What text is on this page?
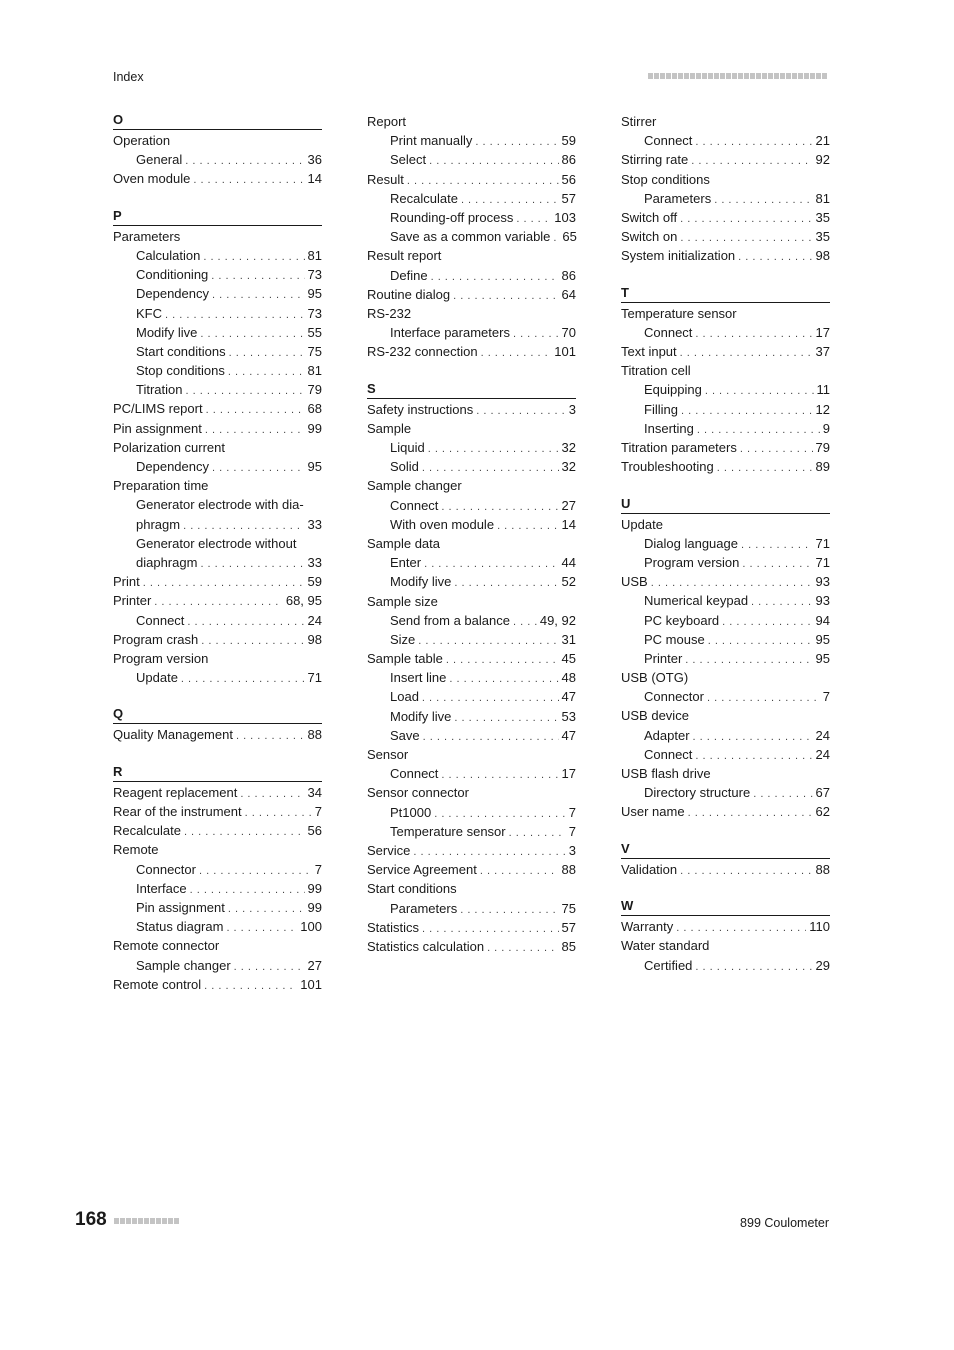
Index
O
Operation
General . . .	36
Oven module . . .	14
P
Parameters
Calculation . . .	81
Conditioning . . .	73
Dependency . . .	95
KFC . . .	73
Modify live . . .	55
Start conditions . . .	75
Stop conditions . . .	81
Titration . . .	79
PC/LIMS report . . .	68
Pin assignment . . .	99
Polarization current
Dependency . . .	95
Preparation time
Generator electrode with dia-
phragm . . .	33
Generator electrode without
diaphragm . . .	33
Print . . .	59
Printer . . .	68, 95
Connect . . .	24
Program crash . . .	98
Program version
Update . . .	71
Q
Quality Management . . .	88
R
Reagent replacement . . .	34
Rear of the instrument . . .	7
Recalculate . . .	56
Remote
Connector . . .	7
Interface . . .	99
Pin assignment . . .	99
Status diagram . . .	100
Remote connector
Sample changer . . .	27
Remote control . . .	101
Report
Print manually . . .	59
Select . . .	86
Result . . .	56
Recalculate . . .	57
Rounding-off process . . .	103
Save as a common variable . . . 65
Result report
Define . . .	86
Routine dialog . . .	64
RS-232
Interface parameters . . .	70
RS-232 connection . . .	101
S
Safety instructions . . .	3
Sample
Liquid . . .	32
Solid . . .	32
Sample changer
Connect . . .	27
With oven module . . .	14
Sample data
Enter . . .	44
Modify live . . .	52
Sample size
Send from a balance . . . 49, 92
Size . . .	31
Sample table . . .	45
Insert line . . .	48
Load . . .	47
Modify live . . .	53
Save . . .	47
Sensor
Connect . . .	17
Sensor connector
Pt1000 . . .	7
Temperature sensor . . .	7
Service . . .	3
Service Agreement . . .	88
Start conditions
Parameters . . .	75
Statistics . . .	57
Statistics calculation . . .	85
Stirrer
Connect . . .	21
Stirring rate . . .	92
Stop conditions
Parameters . . .	81
Switch off . . .	35
Switch on . . .	35
System initialization . . .	98
T
Temperature sensor
Connect . . .	17
Text input . . .	37
Titration cell
Equipping . . .	11
Filling . . .	12
Inserting . . .	9
Titration parameters . . .	79
Troubleshooting . . .	89
U
Update
Dialog language . . .	71
Program version . . .	71
USB . . .	93
Numerical keypad . . .	93
PC keyboard . . .	94
PC mouse . . .	95
Printer . . .	95
USB (OTG)
Connector . . .	7
USB device
Adapter . . .	24
Connect . . .	24
USB flash drive
Directory structure . . .	67
User name . . .	62
V
Validation . . .	88
W
Warranty . . .	110
Water standard
Certified . . .	29
168	899 Coulometer
